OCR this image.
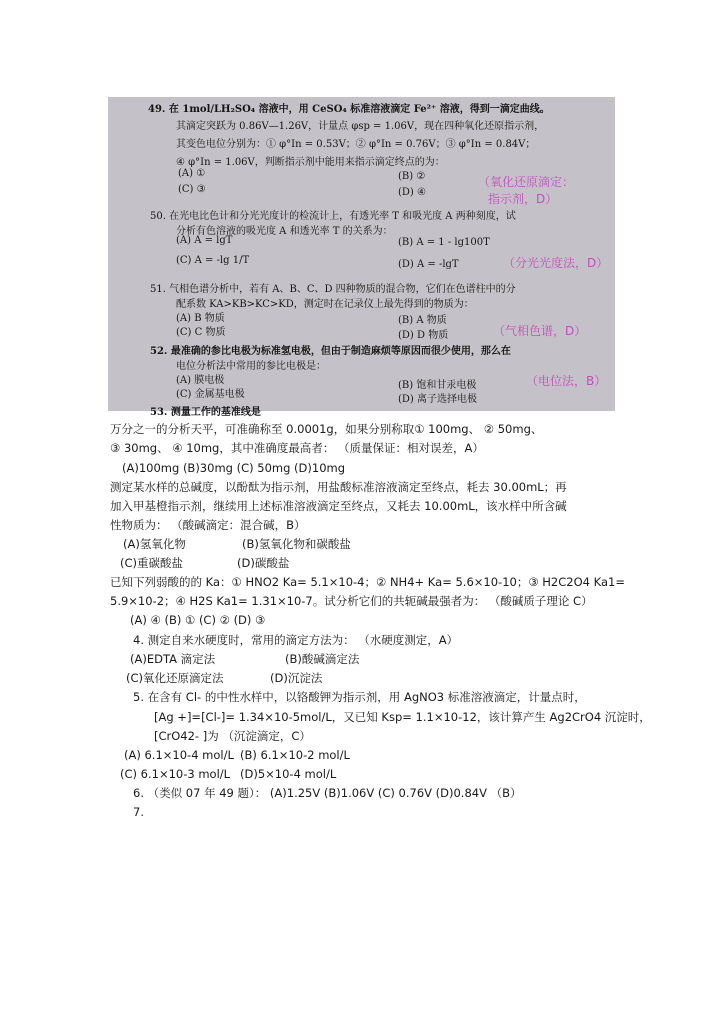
49. 在 1mol/LH₂SO₄ 溶液中，用 CeSO₄ 标准溶液滴定 Fe²⁺ 溶液，得到一滴定曲线。
其滴定突跃为 0.86V—1.26V，计量点 φsp = 1.06V，现在四种氧化还原指示剂，
其变色电位分别为：① φ°In = 0.53V；② φ°In = 0.76V；③ φ°In = 0.84V；
④ φ°In = 1.06V，判断指示剂中能用来指示滴定终点的为：
(A) ①	(B) ②
(C) ③	(D) ④
（氧化还原滴定：
指示剂，D）
50. 在光电比色计和分光光度计的检流计上，有透光率 T 和吸光度 A 两种刻度，试
分析有色溶液的吸光度 A 和透光率 T 的关系为：
(A) A = lgT	(B) A = 1 - lg100T
(C) A = -lg 1/T	(D) A = -lgT	（分光光度法，D）
51. 气相色谱分析中，若有 A、B、C、D 四种物质的混合物，它们在色谱柱中的分
配系数 KA>KB>KC>KD，测定时在记录仪上最先得到的物质为：
(A) B 物质	(B) A 物质
(C) C 物质	(D) D 物质	（气相色谱，D）
52. 最准确的参比电极为标准氢电极，但由于制造麻烦等原因而很少使用，那么在
电位分析法中常用的参比电极是：
(A) 膜电极	(B) 饱和甘汞电极
(C) 金属基电极	(D) 离子选择电极
（电位法，B）
53. 测量工作的基准线是
万分之一的分析天平，可准确称至 0.0001g，如果分别称取① 100mg、 ② 50mg、
③ 30mg、 ④ 10mg，其中准确度最高者： （质量保证：相对误差，A）
(A)100mg (B)30mg (C) 50mg (D)10mg
测定某水样的总碱度，以酚酞为指示剂，用盐酸标准溶液滴定至终点，耗去 30.00mL；再
加入甲基橙指示剂，继续用上述标准溶液滴定至终点，又耗去 10.00mL，该水样中所含碱
性物质为： （酸碱滴定：混合碱，B）
(A)氢氧化物	(B)氢氧化物和碳酸盐
(C)重碳酸盐	(D)碳酸盐
已知下列弱酸的的 Ka：① HNO2 Ka= 5.1×10-4；② NH4+ Ka= 5.6×10-10；③ H2C2O4 Ka1=
5.9×10-2；④ H2S Ka1= 1.31×10-7。试分析它们的共轭碱最强者为： （酸碱质子理论 C）
(A) ④ (B) ① (C) ② (D) ③
4. 测定自来水硬度时，常用的滴定方法为： （水硬度测定，A）
(A)EDTA 滴定法	(B)酸碱滴定法
(C)氧化还原滴定法	(D)沉淀法
5. 在含有 Cl- 的中性水样中，以铬酸钾为指示剂，用 AgNO3 标准溶液滴定，计量点时，
[Ag +]=[Cl-]= 1.34×10-5mol/L，又已知 Ksp= 1.1×10-12，该计算产生 Ag2CrO4 沉淀时，
[CrO42- ]为 （沉淀滴定，C）
(A) 6.1×10-4 mol/L (B) 6.1×10-2 mol/L
(C) 6.1×10-3 mol/L (D)5×10-4 mol/L
6. （类似 07 年 49 题）： (A)1.25V (B)1.06V (C) 0.76V (D)0.84V （B）
7.
